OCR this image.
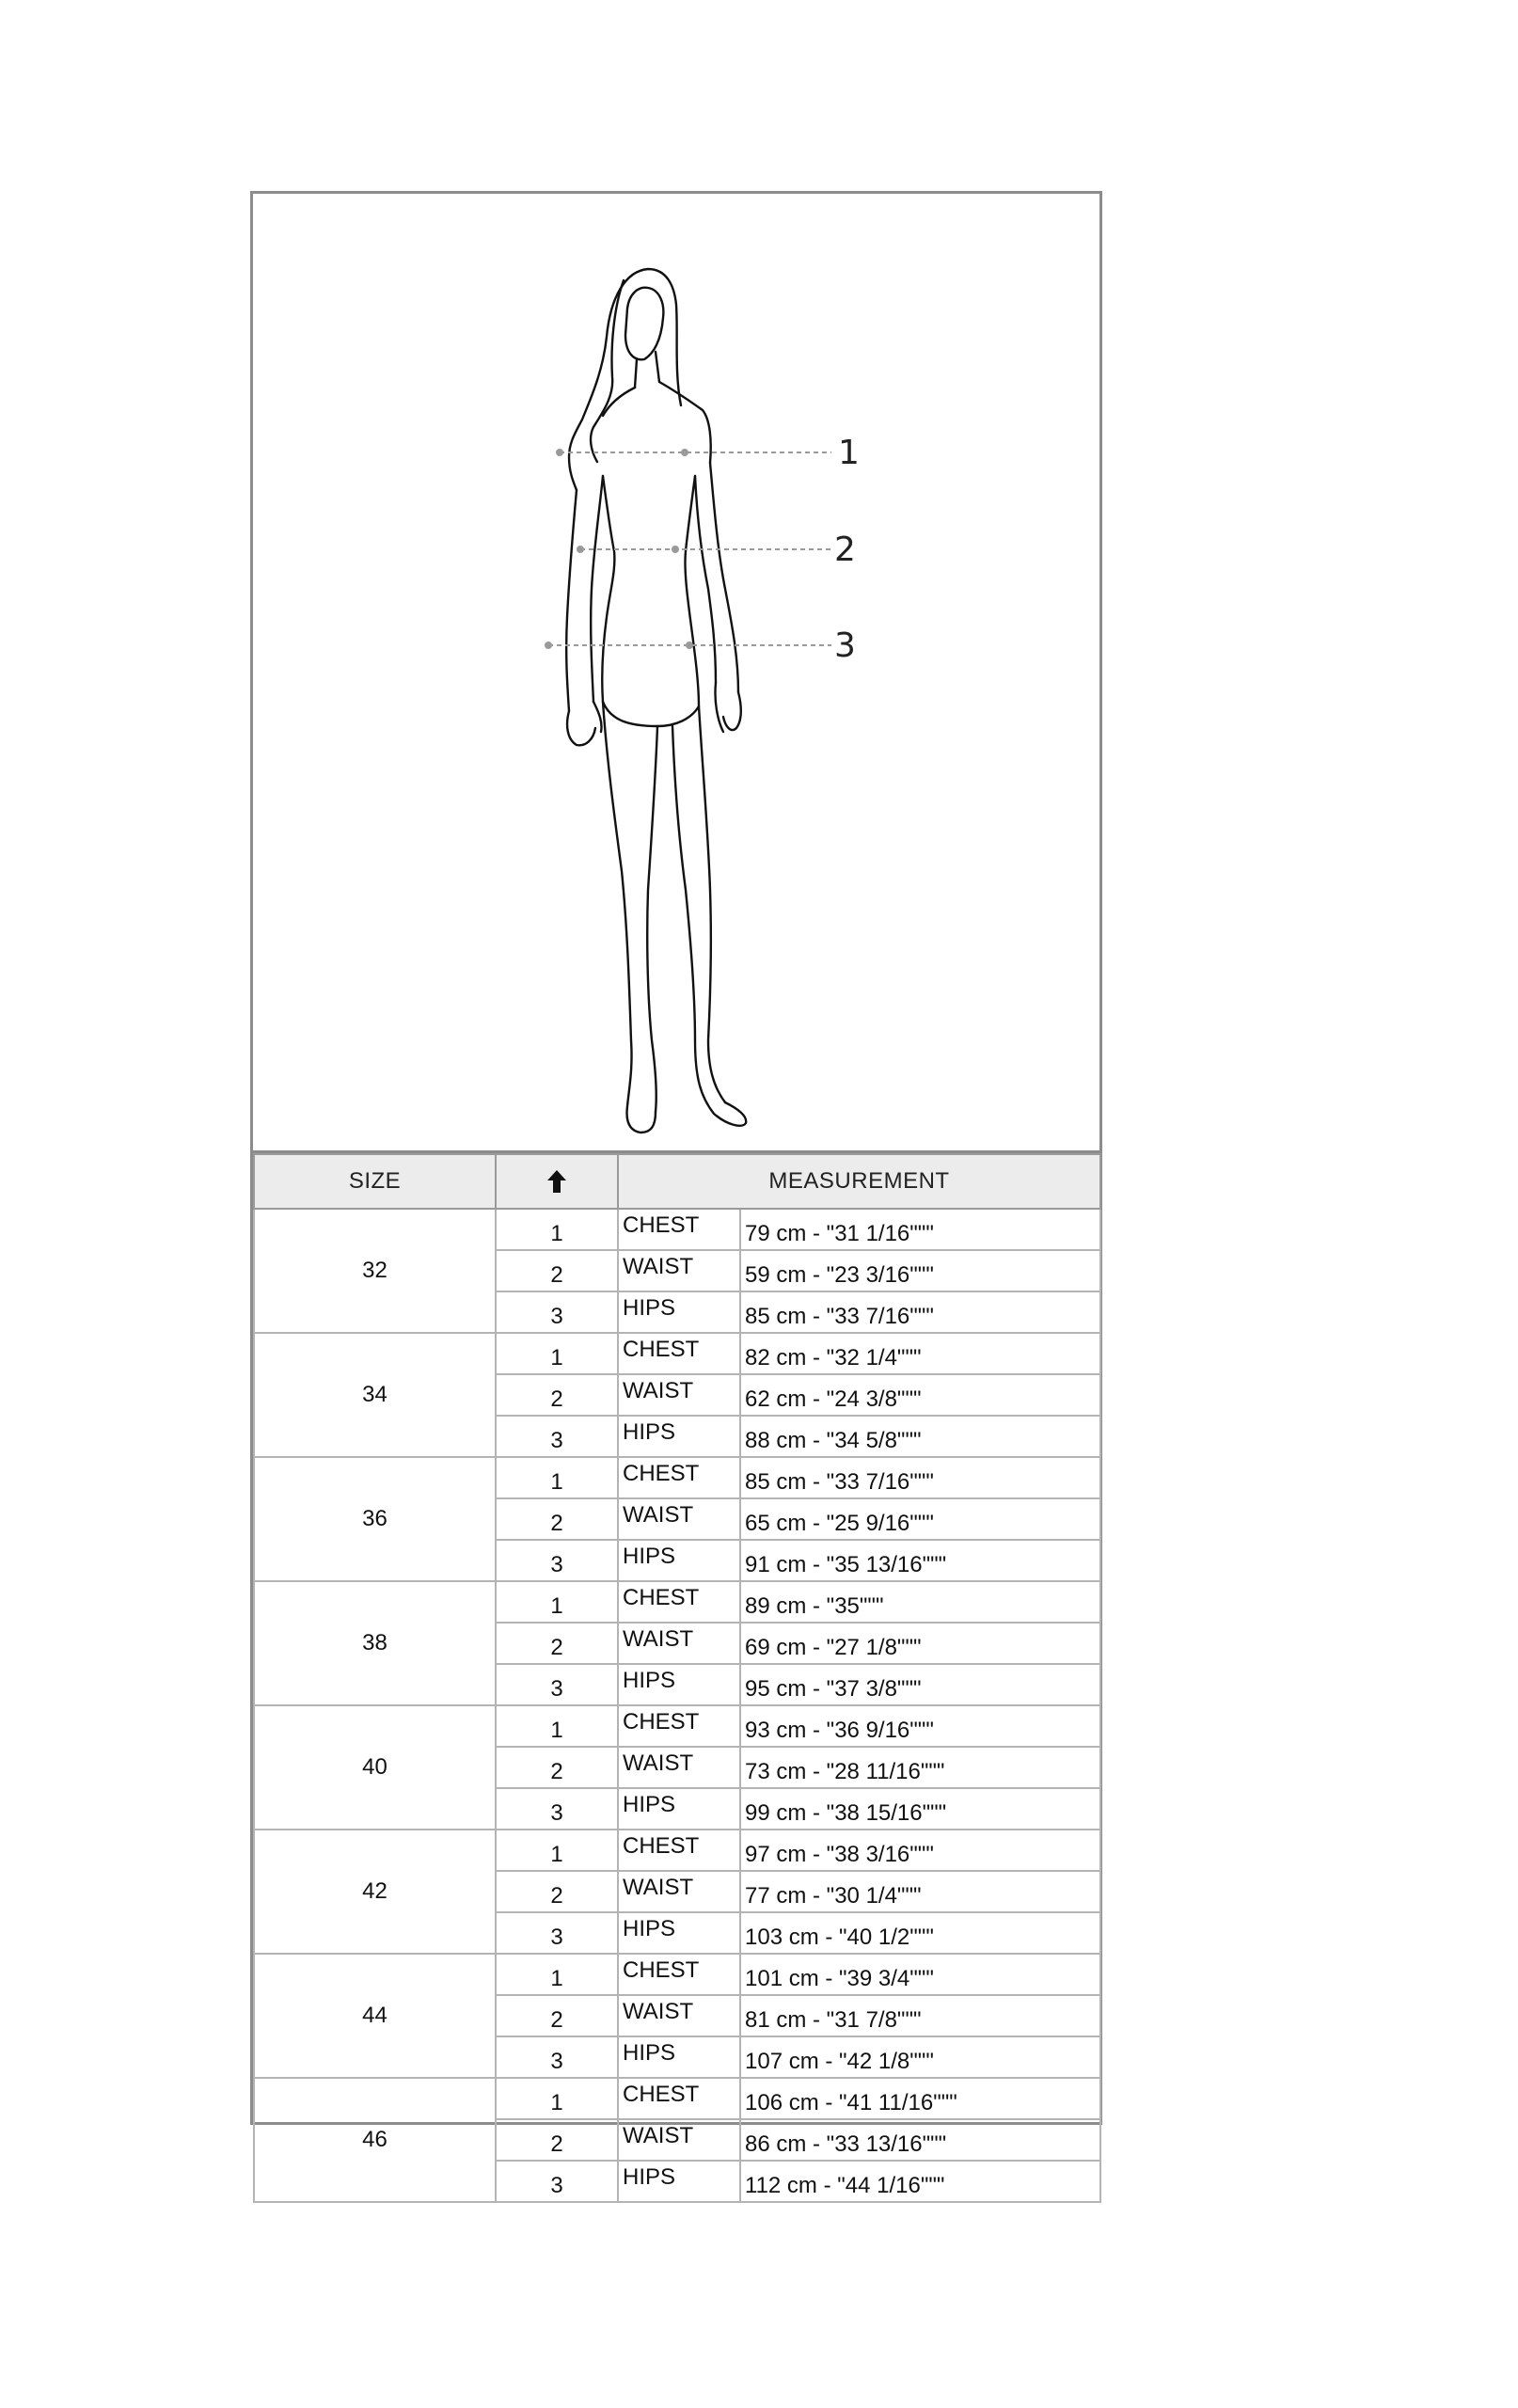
1
2
3
SIZE		MEASUREMENT	
32	1	CHEST	79 cm - "31 1/16"""
	2	WAIST	59 cm - "23 3/16"""
	3	HIPS	85 cm - "33 7/16"""
34	1	CHEST	82 cm - "32 1/4"""
	2	WAIST	62 cm - "24 3/8"""
	3	HIPS	88 cm - "34 5/8"""
36	1	CHEST	85 cm - "33 7/16"""
	2	WAIST	65 cm - "25 9/16"""
	3	HIPS	91 cm - "35 13/16"""
38	1	CHEST	89 cm - "35"""
	2	WAIST	69 cm - "27 1/8"""
	3	HIPS	95 cm - "37 3/8"""
40	1	CHEST	93 cm - "36 9/16"""
	2	WAIST	73 cm - "28 11/16"""
	3	HIPS	99 cm - "38 15/16"""
42	1	CHEST	97 cm - "38 3/16"""
	2	WAIST	77 cm - "30 1/4"""
	3	HIPS	103 cm - "40 1/2"""
44	1	CHEST	101 cm - "39 3/4"""
	2	WAIST	81 cm - "31 7/8"""
	3	HIPS	107 cm - "42 1/8"""
46	1	CHEST	106 cm - "41 11/16"""
	2	WAIST	86 cm - "33 13/16"""
	3	HIPS	112 cm - "44 1/16"""
